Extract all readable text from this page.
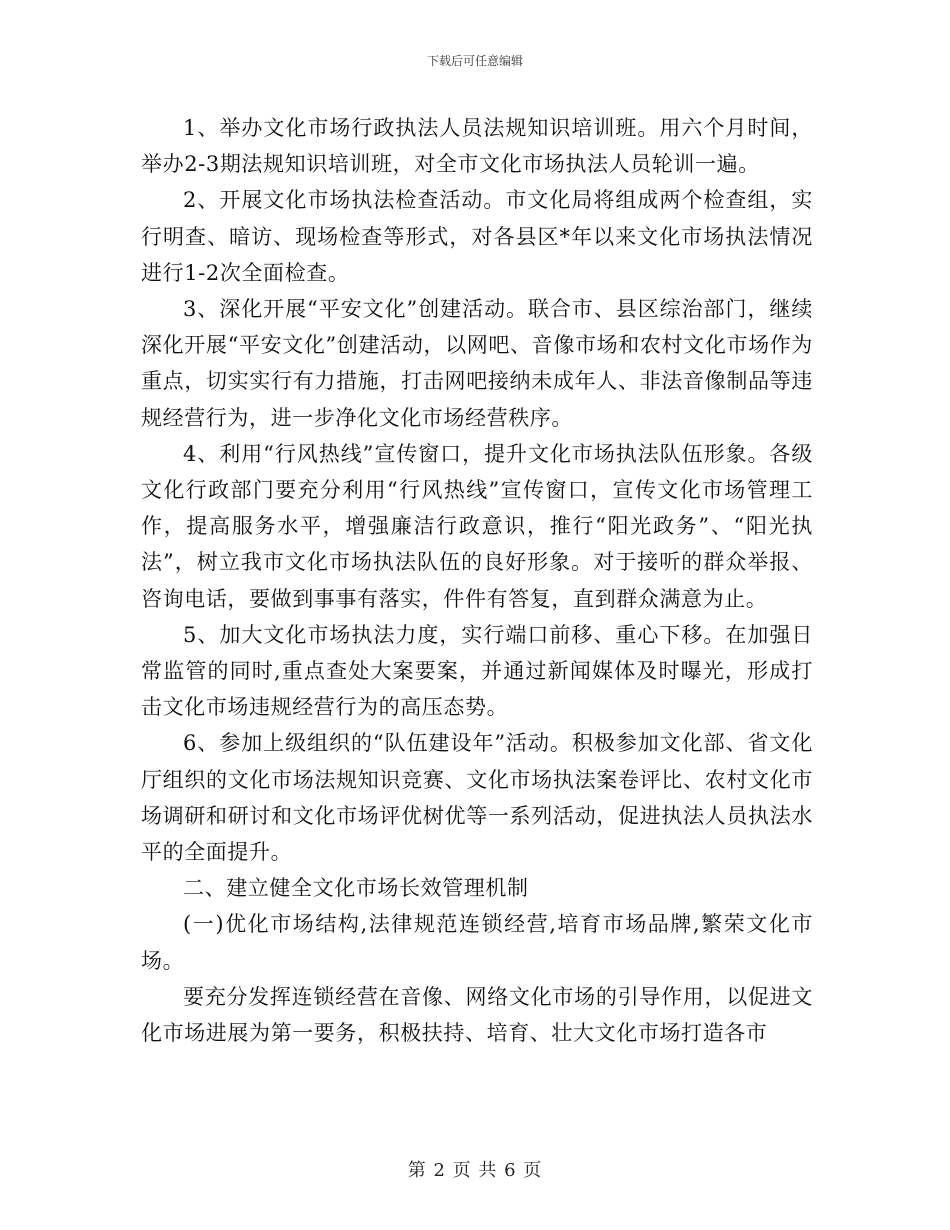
下载后可任意编辑

1、举办文化市场行政执法人员法规知识培训班。用六个月时间，举办2-3期法规知识培训班，对全市文化市场执法人员轮训一遍。

2、开展文化市场执法检查活动。市文化局将组成两个检查组，实行明查、暗访、现场检查等形式，对各县区*年以来文化市场执法情况进行1-2次全面检查。

3、深化开展“平安文化”创建活动。联合市、县区综治部门，继续深化开展“平安文化”创建活动，以网吧、音像市场和农村文化市场作为重点，切实实行有力措施，打击网吧接纳未成年人、非法音像制品等违规经营行为，进一步净化文化市场经营秩序。

4、利用“行风热线”宣传窗口，提升文化市场执法队伍形象。各级文化行政部门要充分利用“行风热线”宣传窗口，宣传文化市场管理工作，提高服务水平，增强廉洁行政意识，推行“阳光政务”、“阳光执法”，树立我市文化市场执法队伍的良好形象。对于接听的群众举报、咨询电话，要做到事事有落实，件件有答复，直到群众满意为止。

5、加大文化市场执法力度，实行端口前移、重心下移。在加强日常监管的同时,重点查处大案要案，并通过新闻媒体及时曝光，形成打击文化市场违规经营行为的高压态势。

6、参加上级组织的“队伍建设年”活动。积极参加文化部、省文化厅组织的文化市场法规知识竞赛、文化市场执法案卷评比、农村文化市场调研和研讨和文化市场评优树优等一系列活动，促进执法人员执法水平的全面提升。

二、建立健全文化市场长效管理机制

(一)优化市场结构,法律规范连锁经营,培育市场品牌,繁荣文化市场。

要充分发挥连锁经营在音像、网络文化市场的引导作用，以促进文化市场进展为第一要务，积极扶持、培育、壮大文化市场打造各市

第 2 页 共 6 页
